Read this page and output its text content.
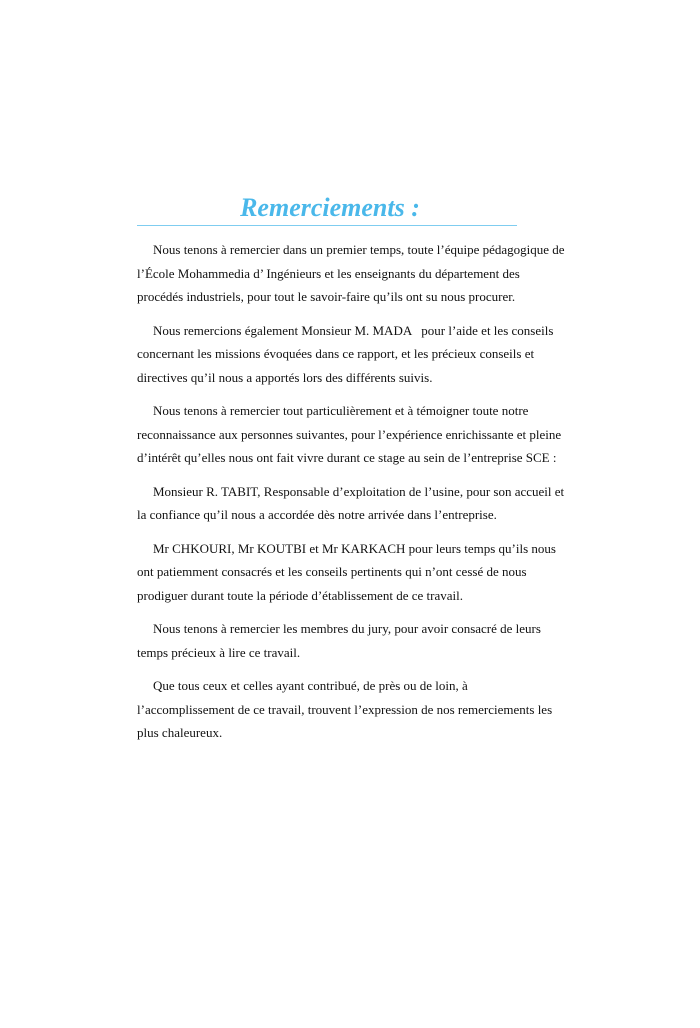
Remerciements :

Nous tenons à remercier dans un premier temps, toute l’équipe pédagogique de
l’École Mohammedia d’ Ingénieurs et les enseignants du département des
procédés industriels, pour tout le savoir-faire qu’ils ont su nous procurer.

Nous remercions également Monsieur M. MADA   pour l’aide et les conseils
concernant les missions évoquées dans ce rapport, et les précieux conseils et
directives qu’il nous a apportés lors des différents suivis.

Nous tenons à remercier tout particulièrement et à témoigner toute notre
reconnaissance aux personnes suivantes, pour l’expérience enrichissante et pleine
d’intérêt qu’elles nous ont fait vivre durant ce stage au sein de l’entreprise SCE :

Monsieur R. TABIT, Responsable d’exploitation de l’usine, pour son accueil et
la confiance qu’il nous a accordée dès notre arrivée dans l’entreprise.

Mr CHKOURI, Mr KOUTBI et Mr KARKACH pour leurs temps qu’ils nous
ont patiemment consacrés et les conseils pertinents qui n’ont cessé de nous
prodiguer durant toute la période d’établissement de ce travail.

Nous tenons à remercier les membres du jury, pour avoir consacré de leurs
temps précieux à lire ce travail.

Que tous ceux et celles ayant contribué, de près ou de loin, à
l’accomplissement de ce travail, trouvent l’expression de nos remerciements les
plus chaleureux.
